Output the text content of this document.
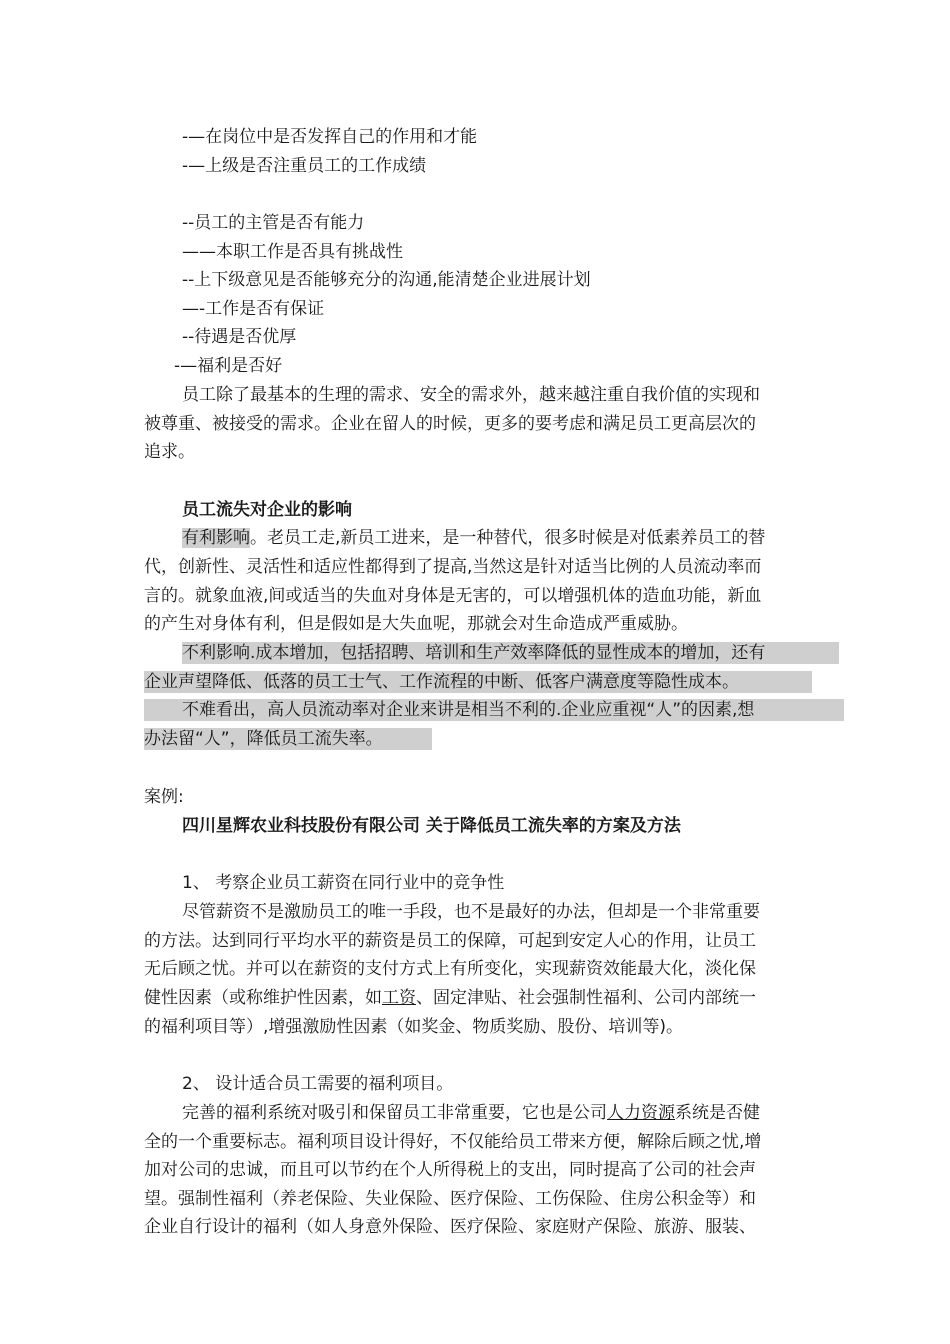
-—在岗位中是否发挥自己的作用和才能
-—上级是否注重员工的工作成绩
--员工的主管是否有能力
——本职工作是否具有挑战性
--上下级意见是否能够充分的沟通,能清楚企业进展计划
—-工作是否有保证
--待遇是否优厚
-—福利是否好
员工除了最基本的生理的需求、安全的需求外，越来越注重自我价值的实现和
被尊重、被接受的需求。企业在留人的时候，更多的要考虑和满足员工更高层次的
追求。
员工流失对企业的影响
有利影响。老员工走,新员工进来，是一种替代，很多时候是对低素养员工的替
代，创新性、灵活性和适应性都得到了提高,当然这是针对适当比例的人员流动率而
言的。就象血液,间或适当的失血对身体是无害的，可以增强机体的造血功能，新血
的产生对身体有利，但是假如是大失血呢，那就会对生命造成严重威胁。
不利影响.成本增加，包括招聘、培训和生产效率降低的显性成本的增加，还有
企业声望降低、低落的员工士气、工作流程的中断、低客户满意度等隐性成本。
不难看出，高人员流动率对企业来讲是相当不利的.企业应重视“人”的因素,想
办法留“人”，降低员工流失率。
案例:
四川星辉农业科技股份有限公司 关于降低员工流失率的方案及方法
1、 考察企业员工薪资在同行业中的竞争性
尽管薪资不是激励员工的唯一手段，也不是最好的办法，但却是一个非常重要
的方法。达到同行平均水平的薪资是员工的保障，可起到安定人心的作用，让员工
无后顾之忧。并可以在薪资的支付方式上有所变化，实现薪资效能最大化，淡化保
健性因素（或称维护性因素，如工资、固定津贴、社会强制性福利、公司内部统一
的福利项目等）,增强激励性因素（如奖金、物质奖励、股份、培训等)。
2、 设计适合员工需要的福利项目。
完善的福利系统对吸引和保留员工非常重要，它也是公司人力资源系统是否健
全的一个重要标志。福利项目设计得好，不仅能给员工带来方便，解除后顾之忧,增
加对公司的忠诚，而且可以节约在个人所得税上的支出，同时提高了公司的社会声
望。强制性福利（养老保险、失业保险、医疗保险、工伤保险、住房公积金等）和
企业自行设计的福利（如人身意外保险、医疗保险、家庭财产保险、旅游、服装、
